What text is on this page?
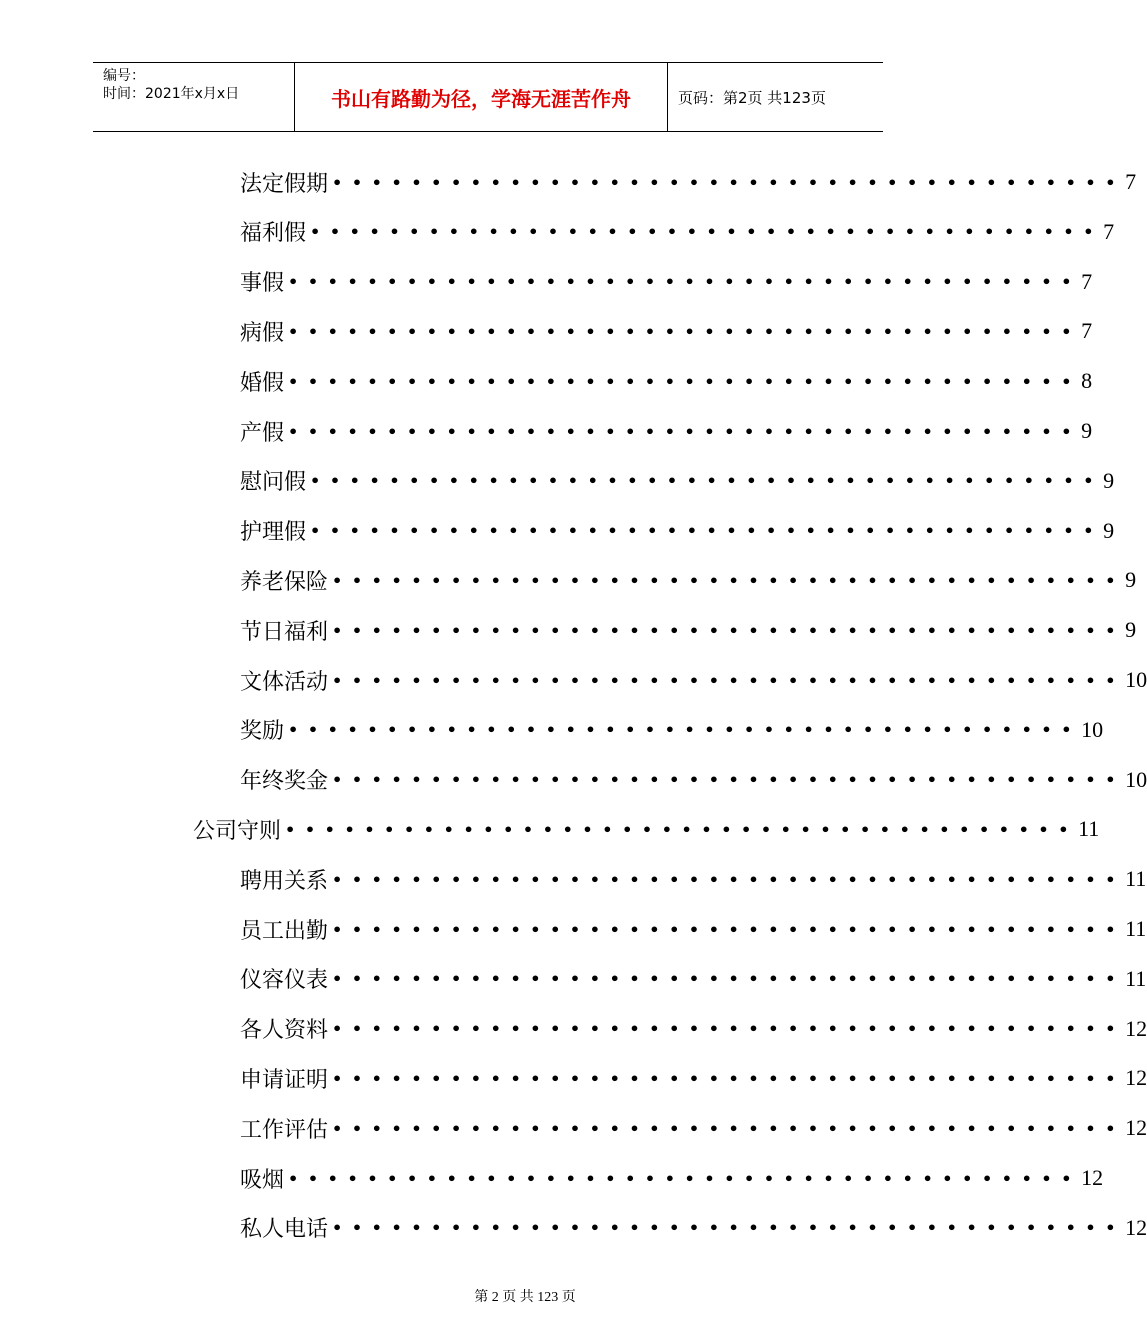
编号：
时间：2021年x月x日	书山有路勤为径，学海无涯苦作舟	页码：第2页 共123页
法定假期 •••••••••••••••••••••••••••••••••••••••• 7
福利假 •••••••••••••••••••••••••••••••••••••••• 7
事假 •••••••••••••••••••••••••••••••••••••••• 7
病假 •••••••••••••••••••••••••••••••••••••••• 7
婚假 •••••••••••••••••••••••••••••••••••••••• 8
产假 •••••••••••••••••••••••••••••••••••••••• 9
慰问假 •••••••••••••••••••••••••••••••••••••••• 9
护理假 •••••••••••••••••••••••••••••••••••••••• 9
养老保险 •••••••••••••••••••••••••••••••••••••••• 9
节日福利 •••••••••••••••••••••••••••••••••••••••• 9
文体活动 •••••••••••••••••••••••••••••••••••••••• 10
奖励 •••••••••••••••••••••••••••••••••••••••• 10
年终奖金 •••••••••••••••••••••••••••••••••••••••• 10
公司守则 •••••••••••••••••••••••••••••••••••••••• 11
聘用关系 •••••••••••••••••••••••••••••••••••••••• 11
员工出勤 •••••••••••••••••••••••••••••••••••••••• 11
仪容仪表 •••••••••••••••••••••••••••••••••••••••• 11
各人资料 •••••••••••••••••••••••••••••••••••••••• 12
申请证明 •••••••••••••••••••••••••••••••••••••••• 12
工作评估 •••••••••••••••••••••••••••••••••••••••• 12
吸烟 •••••••••••••••••••••••••••••••••••••••• 12
私人电话 •••••••••••••••••••••••••••••••••••••••• 12
第 2 页 共 123 页
